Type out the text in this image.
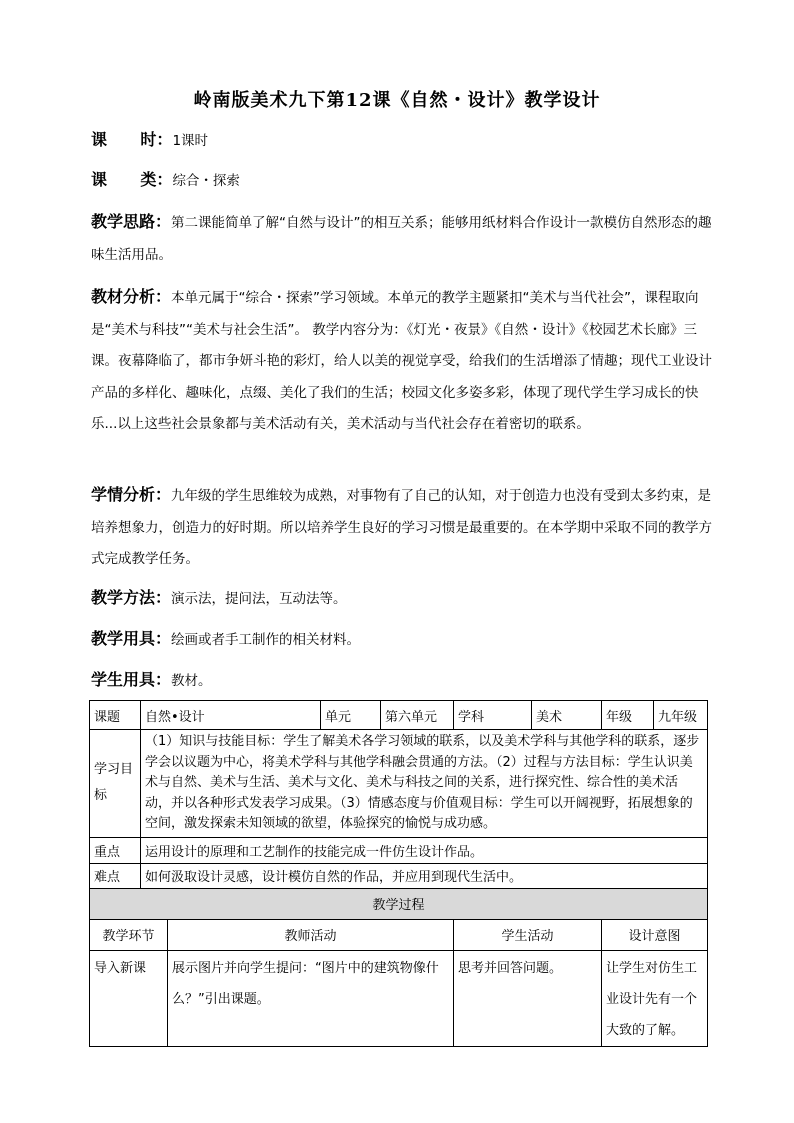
岭南版美术九下第12课《自然・设计》教学设计
课      时：1课时
课      类：综合・探索
教学思路：第二课能简单了解“自然与设计”的相互关系；能够用纸材料合作设计一款模仿自然形态的趣味生活用品。
教材分析：本单元属于“综合・探索”学习领域。本单元的教学主题紧扣“美术与当代社会”，课程取向是“美术与科技”“美术与社会生活”。 教学内容分为：《灯光・夜景》《自然・设计》《校园艺术长廊》三课。夜幕降临了，都市争妍斗艳的彩灯，给人以美的视觉享受，给我们的生活增添了情趣；现代工业设计产品的多样化、趣味化，点缀、美化了我们的生活；校园文化多姿多彩，体现了现代学生学习成长的快乐...以上这些社会景象都与美术活动有关，美术活动与当代社会存在着密切的联系。
学情分析：九年级的学生思维较为成熟，对事物有了自己的认知，对于创造力也没有受到太多约束，是培养想象力，创造力的好时期。所以培养学生良好的学习习惯是最重要的。在本学期中采取不同的教学方式完成教学任务。
教学方法：演示法，提问法，互动法等。
教学用具：绘画或者手工制作的相关材料。
学生用具：教材。
课题	自然•设计		单元	第六单元	学科	美术	年级	九年级
学习目标	（1）知识与技能目标：学生了解美术各学习领域的联系，以及美术学科与其他学科的联系，逐步学会以议题为中心，将美术学科与其他学科融会贯通的方法。（2）过程与方法目标：学生认识美术与自然、美术与生活、美术与文化、美术与科技之间的关系，进行探究性、综合性的美术活动，并以各种形式发表学习成果。（3）情感态度与价值观目标：学生可以开阔视野，拓展想象的空间，激发探索未知领域的欲望，体验探究的愉悦与成功感。							
重点	运用设计的原理和工艺制作的技能完成一件仿生设计作品。							
难点	如何汲取设计灵感，设计模仿自然的作品，并应用到现代生活中。							
教学过程								
教学环节		教师活动			学生活动		设计意图	
导入新课		展示图片并向学生提问：“图片中的建筑物像什么？”引出课题。			思考并回答问题。		让学生对仿生工业设计先有一个大致的了解。	
